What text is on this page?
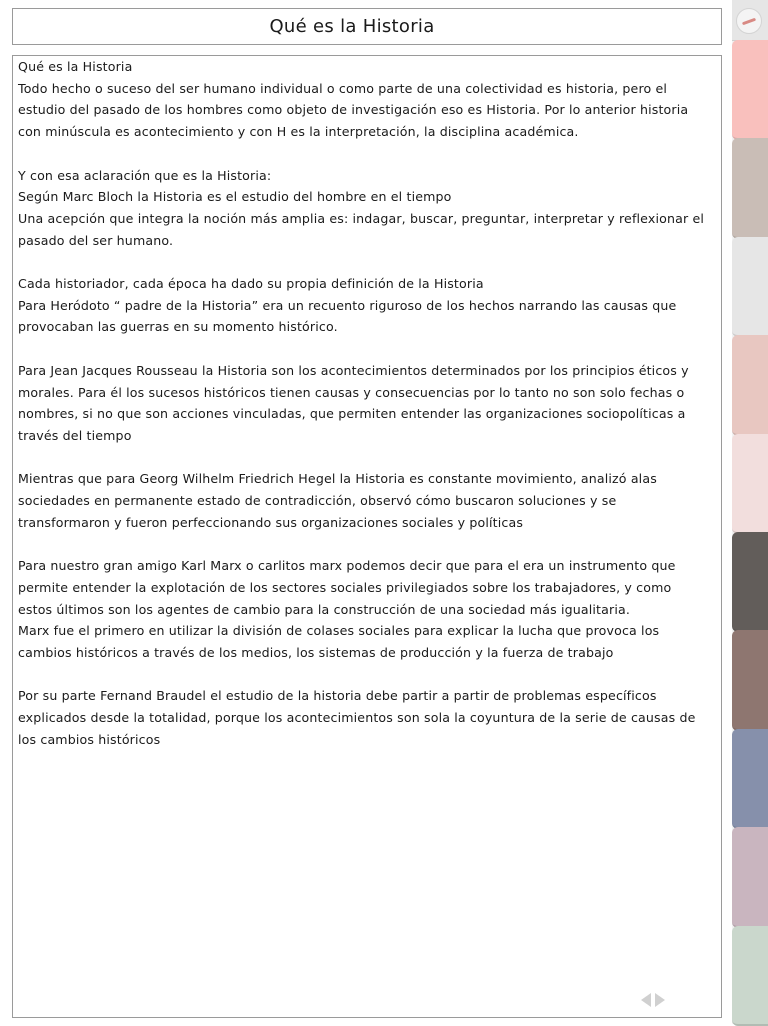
Qué es la Historia

Qué es la Historia

Todo hecho o suceso del ser humano individual o como parte de una colectividad es historia, pero el estudio del pasado de los hombres como objeto de investigación eso es Historia. Por lo anterior historia con minúscula es acontecimiento y con H es la interpretación, la disciplina académica.

Y con esa aclaración que es la Historia:

Según Marc Bloch la Historia es el estudio del hombre en el tiempo

Una acepción que integra la noción más amplia es: indagar, buscar, preguntar, interpretar y reflexionar el pasado del ser humano.

Cada historiador, cada época ha dado su propia definición de la Historia

Para Heródoto “ padre de la Historia” era un recuento riguroso de los hechos narrando las causas que provocaban las guerras en su momento histórico.

Para Jean Jacques Rousseau la Historia son los acontecimientos determinados por los principios éticos y morales. Para él los sucesos históricos tienen causas y consecuencias por lo tanto no son solo fechas o nombres, si no que son acciones vinculadas, que permiten entender las organizaciones sociopolíticas a través del tiempo

Mientras que para Georg Wilhelm Friedrich Hegel la Historia es constante movimiento, analizó alas sociedades en permanente estado de contradicción, observó cómo buscaron soluciones y se transformaron y fueron perfeccionando sus organizaciones sociales y políticas

Para nuestro gran amigo Karl Marx o carlitos marx podemos decir que para el era un instrumento que permite entender la explotación de los sectores sociales privilegiados sobre los trabajadores, y como estos últimos son los agentes de cambio para la construcción de una sociedad más igualitaria.

Marx fue el primero en utilizar la división de colases sociales para explicar la lucha que provoca los cambios históricos a través de los medios, los sistemas de producción y la fuerza de trabajo

Por su parte Fernand Braudel el estudio de la historia debe partir a partir de problemas específicos explicados desde la totalidad, porque los acontecimientos son sola la coyuntura de la serie de causas de los cambios históricos
